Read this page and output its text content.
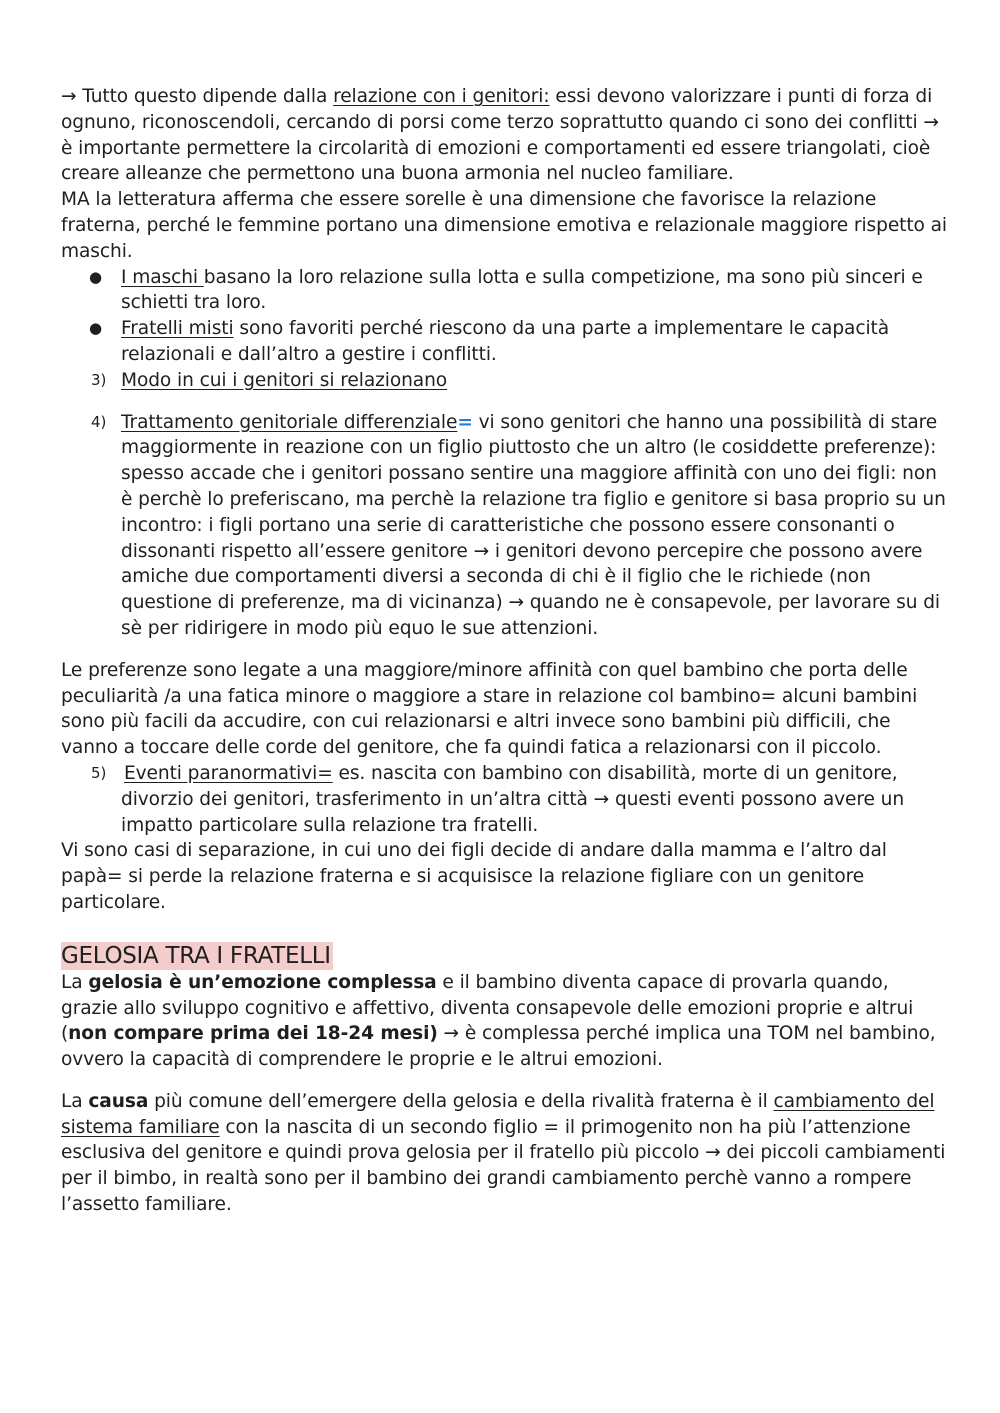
→ Tutto questo dipende dalla relazione con i genitori: essi devono valorizzare i punti di forza di ognuno, riconoscendoli, cercando di porsi come terzo soprattutto quando ci sono dei conflitti → è importante permettere la circolarità di emozioni e comportamenti ed essere triangolati, cioè creare alleanze che permettono una buona armonia nel nucleo familiare.

MA la letteratura afferma che essere sorelle è una dimensione che favorisce la relazione fraterna, perché le femmine portano una dimensione emotiva e relazionale maggiore rispetto ai maschi.

● I maschi basano la loro relazione sulla lotta e sulla competizione, ma sono più sinceri e schietti tra loro.
● Fratelli misti sono favoriti perché riescono da una parte a implementare le capacità relazionali e dall’altro a gestire i conflitti.
3) Modo in cui i genitori si relazionano
4) Trattamento genitoriale differenziale= vi sono genitori che hanno una possibilità di stare maggiormente in reazione con un figlio piuttosto che un altro (le cosiddette preferenze): spesso accade che i genitori possano sentire una maggiore affinità con uno dei figli: non è perchè lo preferiscano, ma perchè la relazione tra figlio e genitore si basa proprio su un incontro: i figli portano una serie di caratteristiche che possono essere consonanti o dissonanti rispetto all’essere genitore → i genitori devono percepire che possono avere amiche due comportamenti diversi a seconda di chi è il figlio che le richiede (non questione di preferenze, ma di vicinanza) → quando ne è consapevole, per lavorare su di sè per ridirigere in modo più equo le sue attenzioni.

Le preferenze sono legate a una maggiore/minore affinità con quel bambino che porta delle peculiarità /a una fatica minore o maggiore a stare in relazione col bambino= alcuni bambini sono più facili da accudire, con cui relazionarsi e altri invece sono bambini più difficili, che vanno a toccare delle corde del genitore, che fa quindi fatica a relazionarsi con il piccolo.

5) Eventi paranormativi= es. nascita con bambino con disabilità, morte di un genitore, divorzio dei genitori, trasferimento in un’altra città → questi eventi possono avere un impatto particolare sulla relazione tra fratelli.

Vi sono casi di separazione, in cui uno dei figli decide di andare dalla mamma e l’altro dal papà= si perde la relazione fraterna e si acquisisce la relazione figliare con un genitore particolare.

GELOSIA TRA I FRATELLI

La gelosia è un’emozione complessa e il bambino diventa capace di provarla quando, grazie allo sviluppo cognitivo e affettivo, diventa consapevole delle emozioni proprie e altrui (non compare prima dei 18-24 mesi) → è complessa perché implica una TOM nel bambino, ovvero la capacità di comprendere le proprie e le altrui emozioni.

La causa più comune dell’emergere della gelosia e della rivalità fraterna è il cambiamento del sistema familiare con la nascita di un secondo figlio = il primogenito non ha più l’attenzione esclusiva del genitore e quindi prova gelosia per il fratello più piccolo → dei piccoli cambiamenti per il bimbo, in realtà sono per il bambino dei grandi cambiamento perchè vanno a rompere l’assetto familiare.
